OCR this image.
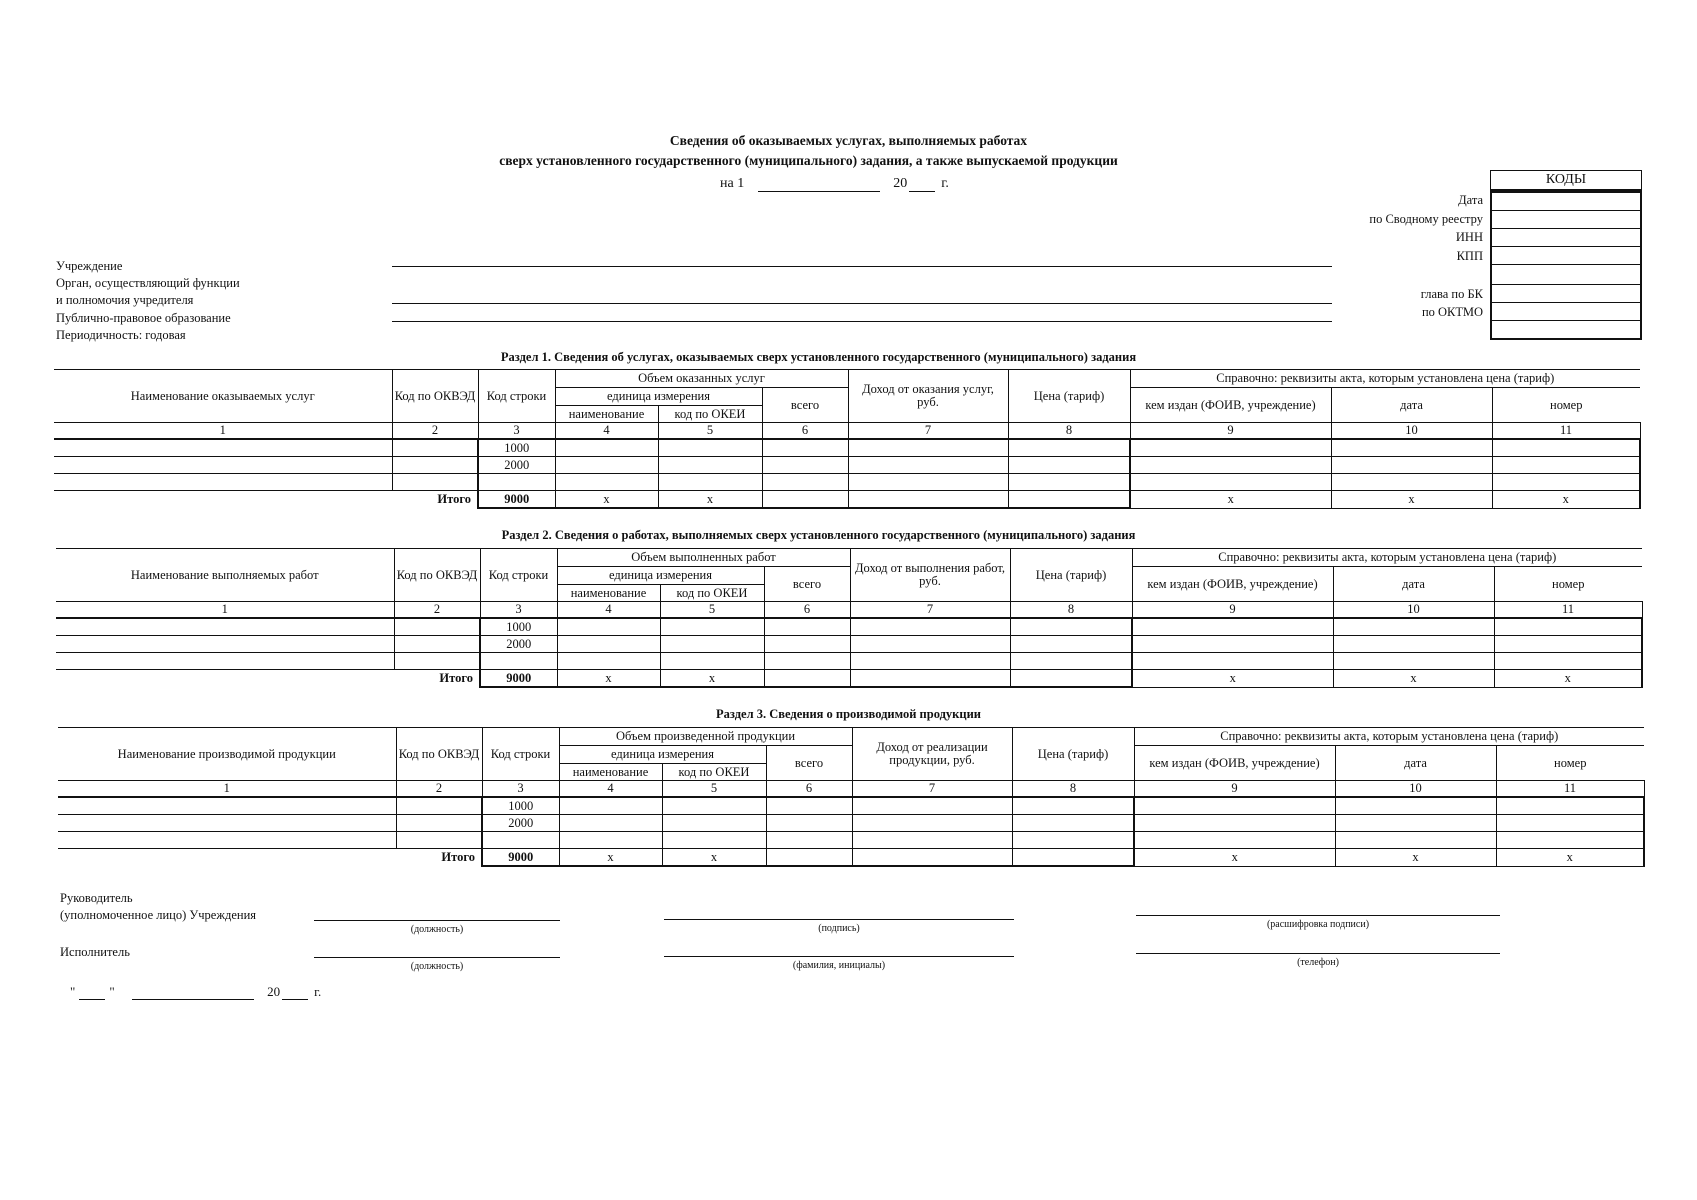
Сведения об оказываемых услугах, выполняемых работах
сверх установленного государственного (муниципального) задания, а также выпускаемой продукции
на 1	20 г.
Дата
по Сводному реестру
ИНН
КПП
глава по БК
по ОКТМО
КОДЫ
Учреждение
Орган, осуществляющий функции
и полномочия учредителя
Публично-правовое образование
Периодичность: годовая
Раздел 1. Сведения об услугах, оказываемых сверх установленного государственного (муниципального) задания
Наименование оказываемых услуг	Код по ОКВЭД	Код строки	Объем оказанных услуг			Доход от оказания услуг, руб.	Цена (тариф)	Справочно: реквизиты акта, которым установлена цена (тариф)		
			единица измерения		всего			кем издан (ФОИВ, учреждение)	дата	номер
			наименование	код по ОКЕИ						
1	2	3	4	5	6	7	8	9	10	11
		1000								
		2000								

	Итого	9000	x	x				x	x	x
Раздел 2. Сведения о работах, выполняемых сверх установленного государственного (муниципального) задания
Наименование выполняемых работ	Код по ОКВЭД	Код строки	Объем выполненных работ			Доход от выполнения работ, руб.	Цена (тариф)	Справочно: реквизиты акта, которым установлена цена (тариф)		
			единица измерения		всего			кем издан (ФОИВ, учреждение)	дата	номер
			наименование	код по ОКЕИ						
1	2	3	4	5	6	7	8	9	10	11
		1000								
		2000								

	Итого	9000	x	x				x	x	x
Раздел 3. Сведения о производимой продукции
Наименование производимой продукции	Код по ОКВЭД	Код строки	Объем произведенной продукции			Доход от реализации продукции, руб.	Цена (тариф)	Справочно: реквизиты акта, которым установлена цена (тариф)		
			единица измерения		всего			кем издан (ФОИВ, учреждение)	дата	номер
			наименование	код по ОКЕИ						
1	2	3	4	5	6	7	8	9	10	11
		1000								
		2000								

	Итого	9000	x	x				x	x	x
Руководитель
(уполномоченное лицо) Учреждения
Исполнитель
(должность)	(подпись)	(расшифровка подписи)
(должность)	(фамилия, инициалы)	(телефон)
"	"	20	г.
